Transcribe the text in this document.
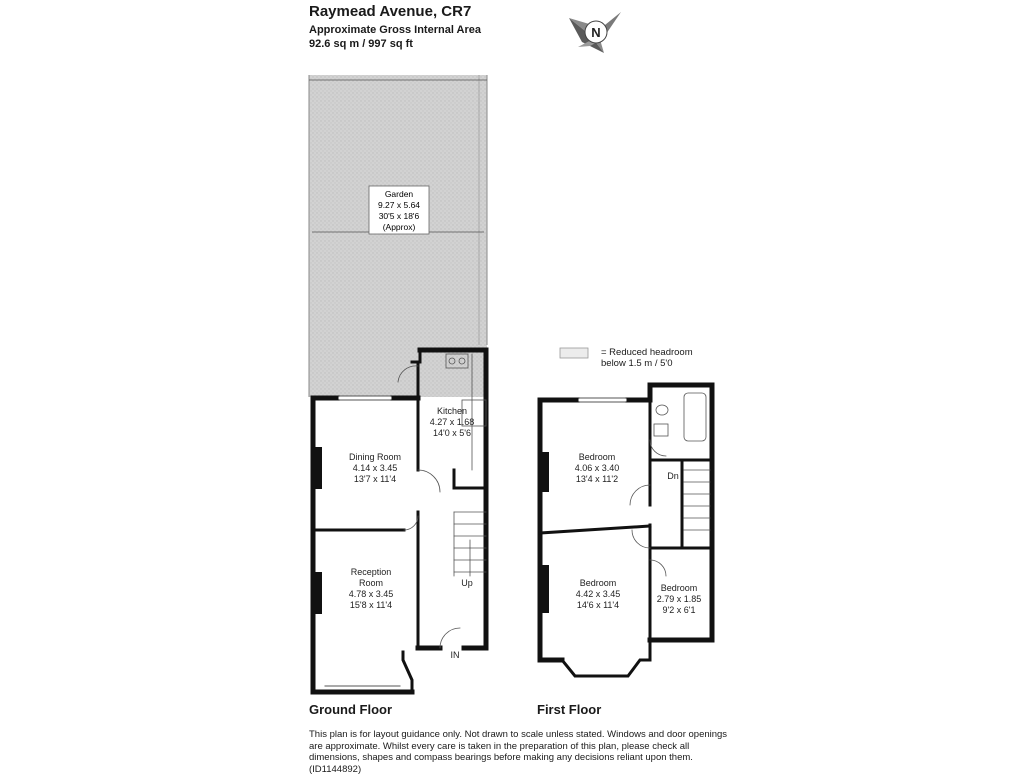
Raymead Avenue, CR7
Approximate Gross Internal Area
92.6 sq m / 997 sq ft
= Reduced headroom
below 1.5 m / 5'0
Ground Floor	First Floor
This plan is for layout guidance only. Not drawn to scale unless stated. Windows and door openings are approximate. Whilst every care is taken in the preparation of this plan, please check all dimensions, shapes and compass bearings before making any decisions reliant upon them. (ID1144892)
N
Garden
9.27 x 5.64
30'5 x 18'6
(Approx)
Kitchen
4.27 x 1.68
14'0 x 5'6
Dining Room
4.14 x 3.45
13'7 x 11'4
Reception
Room
4.78 x 3.45
15'8 x 11'4
Up
IN
Bedroom
4.06 x 3.40
13'4 x 11'2
Bedroom
4.42 x 3.45
14'6 x 11'4
Bedroom
2.79 x 1.85
9'2 x 6'1
Dn
